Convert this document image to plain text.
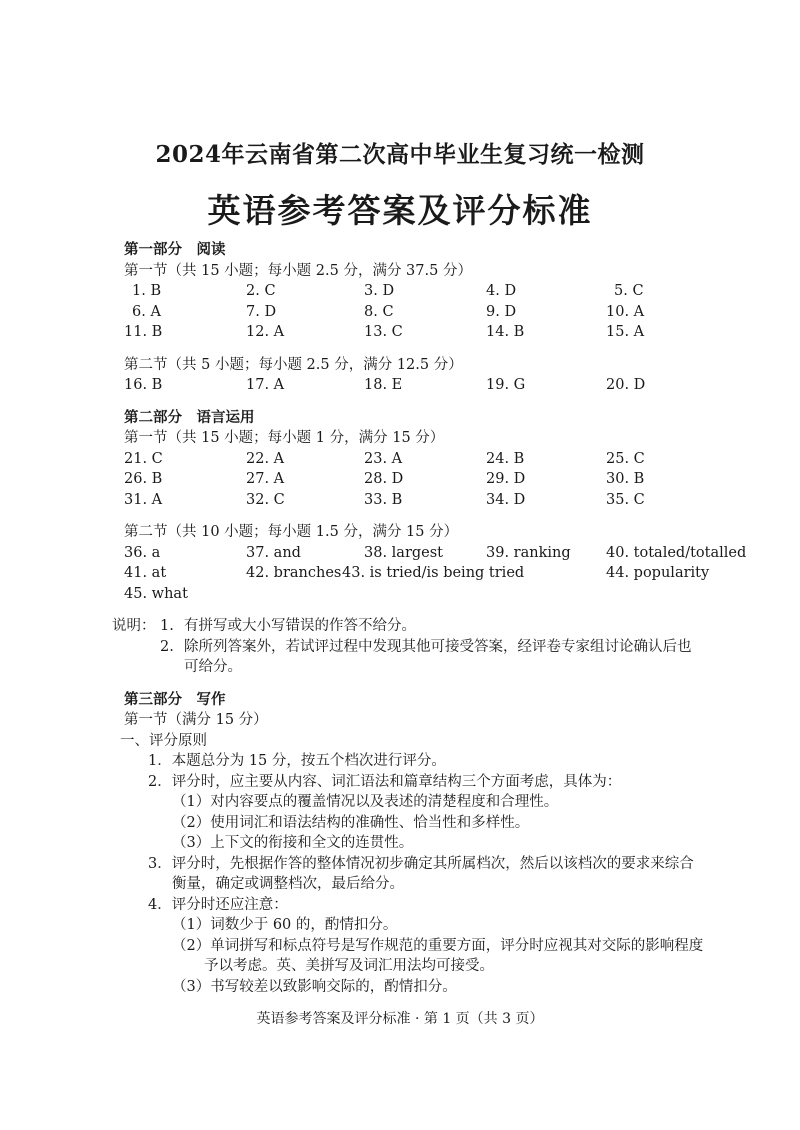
2024年云南省第二次高中毕业生复习统一检测
英语参考答案及评分标准
第一部分　阅读
第一节（共 15 小题；每小题 2.5 分，满分 37.5 分）
1. B	2. C	3. D	4. D	5. C
6. A	7. D	8. C	9. D	10. A
11. B	12. A	13. C	14. B	15. A
第二节（共 5 小题；每小题 2.5 分，满分 12.5 分）
16. B	17. A	18. E	19. G	20. D
第二部分　语言运用
第一节（共 15 小题；每小题 1 分，满分 15 分）
21. C	22. A	23. A	24. B	25. C
26. B	27. A	28. D	29. D	30. B
31. A	32. C	33. B	34. D	35. C
第二节（共 10 小题；每小题 1.5 分，满分 15 分）
36. a	37. and	38. largest	39. ranking 40. totaled/totalled
41. at	42. branches 43. is tried/is being tried	44. popularity
45. what
说明： 1. 有拼写或大小写错误的作答不给分。
2. 除所列答案外，若试评过程中发现其他可接受答案，经评卷专家组讨论确认后也
可给分。
第三部分　写作
第一节（满分 15 分）
一、评分原则
1．本题总分为 15 分，按五个档次进行评分。
2．评分时，应主要从内容、词汇语法和篇章结构三个方面考虑，具体为：
（1）对内容要点的覆盖情况以及表述的清楚程度和合理性。
（2）使用词汇和语法结构的准确性、恰当性和多样性。
（3）上下文的衔接和全文的连贯性。
3．评分时，先根据作答的整体情况初步确定其所属档次，然后以该档次的要求来综合
衡量，确定或调整档次，最后给分。
4．评分时还应注意：
（1）词数少于 60 的，酌情扣分。
（2）单词拼写和标点符号是写作规范的重要方面，评分时应视其对交际的影响程度
予以考虑。英、美拼写及词汇用法均可接受。
（3）书写较差以致影响交际的，酌情扣分。
英语参考答案及评分标准 · 第 1 页（共 3 页）
